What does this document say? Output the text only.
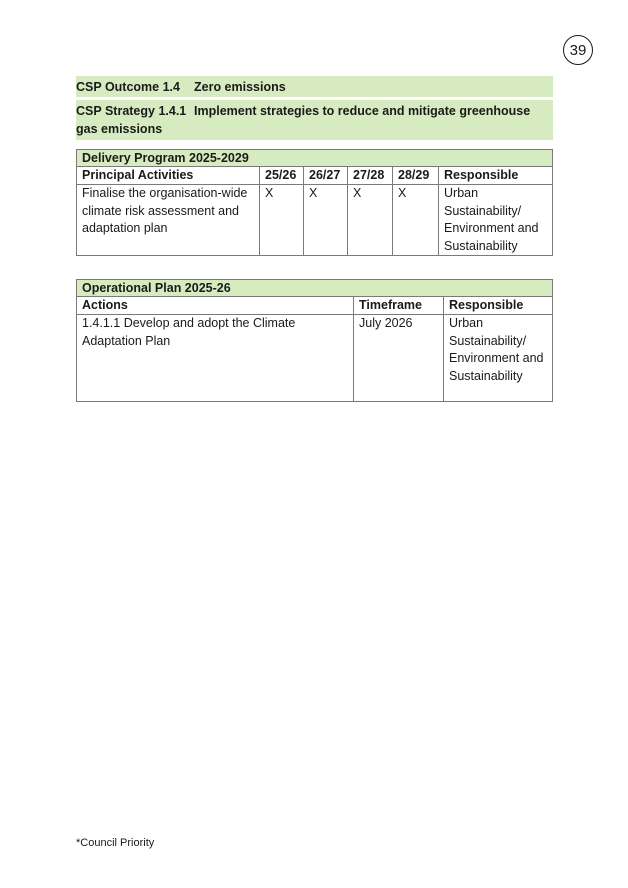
39
CSP Outcome 1.4	Zero emissions
CSP Strategy 1.4.1 Implement strategies to reduce and mitigate greenhouse gas emissions
Delivery Program 2025-2029					
Principal Activities	25/26	26/27	27/28	28/29	Responsible
Finalise the organisation-wide climate risk assessment and adaptation plan	X	X	X	X	Urban Sustainability/ Environment and Sustainability
Operational Plan 2025-26		
Actions	Timeframe	Responsible
1.4.1.1 Develop and adopt the Climate Adaptation Plan	July 2026	Urban Sustainability/ Environment and Sustainability
*Council Priority
